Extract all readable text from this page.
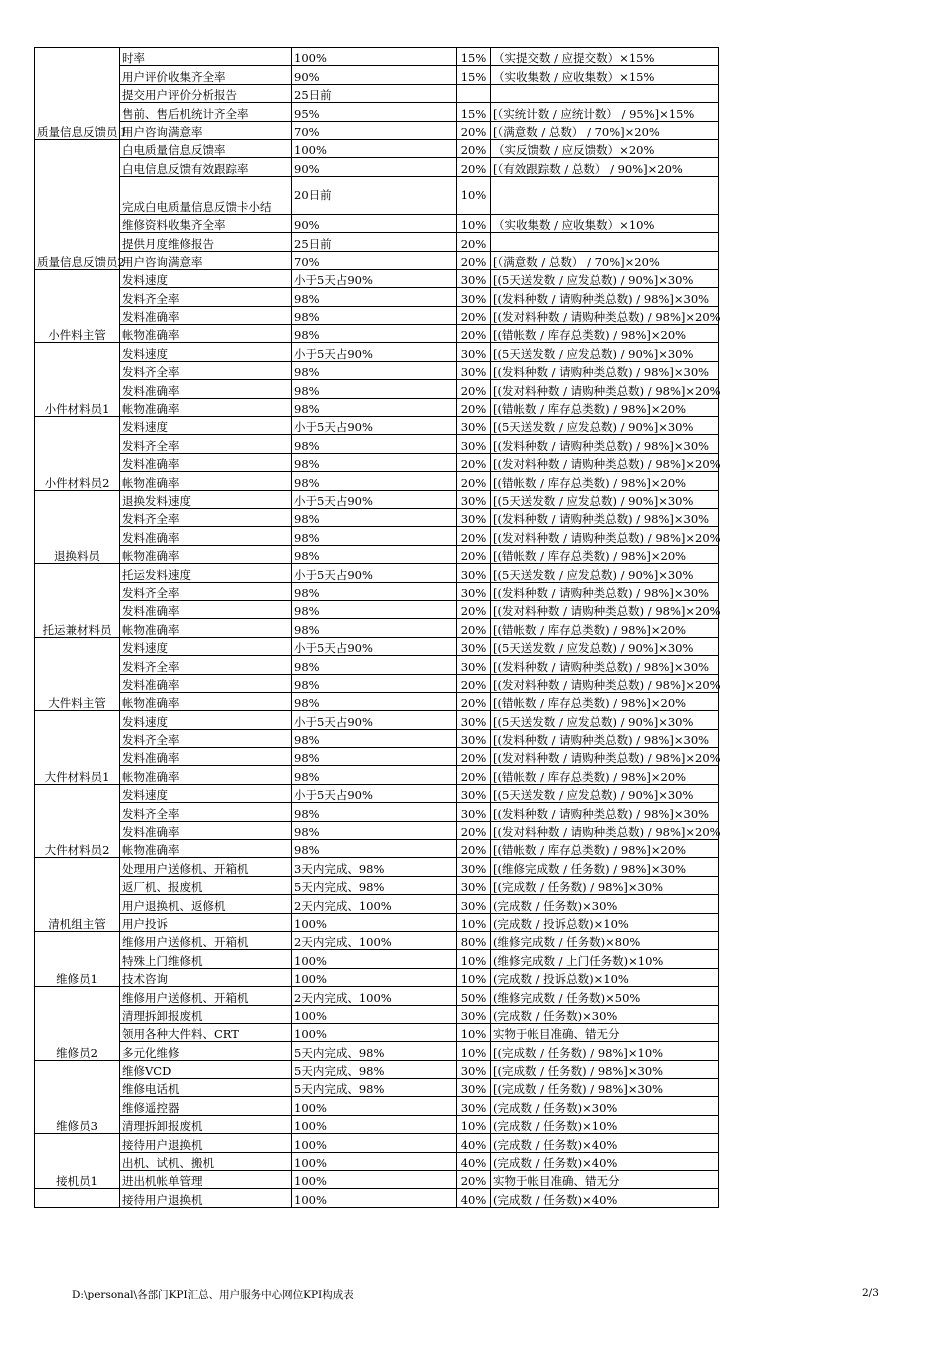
质量信息反馈员１	时率	100%	15%	（实提交数 / 应提交数）×15%
	用户评价收集齐全率	90%	15%	（实收集数 / 应收集数）×15%
	提交用户评价分析报告	25日前		
	售前、售后机统计齐全率	95%	15%	[（实统计数 / 应统计数） / 95%]×15%
	用户咨询满意率	70%	20%	[（满意数 / 总数） / 70%]×20%
质量信息反馈员2	白电质量信息反馈率	100%	20%	（实反馈数 / 应反馈数）×20%
	白电信息反馈有效跟踪率	90%	20%	[（有效跟踪数 / 总数） / 90%]×20%
	完成白电质量信息反馈卡小结	20日前	10%	
	维修资料收集齐全率	90%	10%	（实收集数 / 应收集数）×10%
	提供月度维修报告	25日前	20%	
	用户咨询满意率	70%	20%	[（满意数 / 总数） / 70%]×20%
小件料主管	发料速度	小于5天占90%	30%	[(5天送发数 / 应发总数) / 90%]×30%
	发料齐全率	98%	30%	[(发料种数 / 请购种类总数) / 98%]×30%
	发料准确率	98%	20%	[(发对料种数 / 请购种类总数) / 98%]×20%
	帐物准确率	98%	20%	[(错帐数 / 库存总类数) / 98%]×20%
小件材料员1	发料速度	小于5天占90%	30%	[(5天送发数 / 应发总数) / 90%]×30%
	发料齐全率	98%	30%	[(发料种数 / 请购种类总数) / 98%]×30%
	发料准确率	98%	20%	[(发对料种数 / 请购种类总数) / 98%]×20%
	帐物准确率	98%	20%	[(错帐数 / 库存总类数) / 98%]×20%
小件材料员2	发料速度	小于5天占90%	30%	[(5天送发数 / 应发总数) / 90%]×30%
	发料齐全率	98%	30%	[(发料种数 / 请购种类总数) / 98%]×30%
	发料准确率	98%	20%	[(发对料种数 / 请购种类总数) / 98%]×20%
	帐物准确率	98%	20%	[(错帐数 / 库存总类数) / 98%]×20%
退换料员	退换发料速度	小于5天占90%	30%	[(5天送发数 / 应发总数) / 90%]×30%
	发料齐全率	98%	30%	[(发料种数 / 请购种类总数) / 98%]×30%
	发料准确率	98%	20%	[(发对料种数 / 请购种类总数) / 98%]×20%
	帐物准确率	98%	20%	[(错帐数 / 库存总类数) / 98%]×20%
托运兼材料员	托运发料速度	小于5天占90%	30%	[(5天送发数 / 应发总数) / 90%]×30%
	发料齐全率	98%	30%	[(发料种数 / 请购种类总数) / 98%]×30%
	发料准确率	98%	20%	[(发对料种数 / 请购种类总数) / 98%]×20%
	帐物准确率	98%	20%	[(错帐数 / 库存总类数) / 98%]×20%
大件料主管	发料速度	小于5天占90%	30%	[(5天送发数 / 应发总数) / 90%]×30%
	发料齐全率	98%	30%	[(发料种数 / 请购种类总数) / 98%]×30%
	发料准确率	98%	20%	[(发对料种数 / 请购种类总数) / 98%]×20%
	帐物准确率	98%	20%	[(错帐数 / 库存总类数) / 98%]×20%
大件材料员1	发料速度	小于5天占90%	30%	[(5天送发数 / 应发总数) / 90%]×30%
	发料齐全率	98%	30%	[(发料种数 / 请购种类总数) / 98%]×30%
	发料准确率	98%	20%	[(发对料种数 / 请购种类总数) / 98%]×20%
	帐物准确率	98%	20%	[(错帐数 / 库存总类数) / 98%]×20%
大件材料员2	发料速度	小于5天占90%	30%	[(5天送发数 / 应发总数) / 90%]×30%
	发料齐全率	98%	30%	[(发料种数 / 请购种类总数) / 98%]×30%
	发料准确率	98%	20%	[(发对料种数 / 请购种类总数) / 98%]×20%
	帐物准确率	98%	20%	[(错帐数 / 库存总类数) / 98%]×20%
清机组主管	处理用户送修机、开箱机	3天内完成、98%	30%	[(维修完成数 / 任务数) / 98%]×30%
	返厂机、报废机	5天内完成、98%	30%	[(完成数 / 任务数) / 98%]×30%
	用户退换机、返修机	2天内完成、100%	30%	(完成数 / 任务数)×30%
	用户投诉	100%	10%	(完成数 / 投诉总数)×10%
维修员1	维修用户送修机、开箱机	2天内完成、100%	80%	(维修完成数 / 任务数)×80%
	特殊上门维修机	100%	10%	(维修完成数 / 上门任务数)×10%
	技术咨询	100%	10%	(完成数 / 投诉总数)×10%
维修员2	维修用户送修机、开箱机	2天内完成、100%	50%	(维修完成数 / 任务数)×50%
	清理拆卸报废机	100%	30%	(完成数 / 任务数)×30%
	领用各种大件料、CRT	100%	10%	实物于帐目准确、错无分
	多元化维修	5天内完成、98%	10%	[(完成数 / 任务数) / 98%]×10%
维修员3	维修VCD	5天内完成、98%	30%	[(完成数 / 任务数) / 98%]×30%
	维修电话机	5天内完成、98%	30%	[(完成数 / 任务数) / 98%]×30%
	维修遥控器	100%	30%	(完成数 / 任务数)×30%
	清理拆卸报废机	100%	10%	(完成数 / 任务数)×10%
接机员1	接待用户退换机	100%	40%	(完成数 / 任务数)×40%
	出机、试机、搬机	100%	40%	(完成数 / 任务数)×40%
	进出机帐单管理	100%	20%	实物于帐目准确、错无分
	接待用户退换机	100%	40%	(完成数 / 任务数)×40%
D:\personal\各部门KPI汇总、用户服务中心网位KPI构成表	2/3
